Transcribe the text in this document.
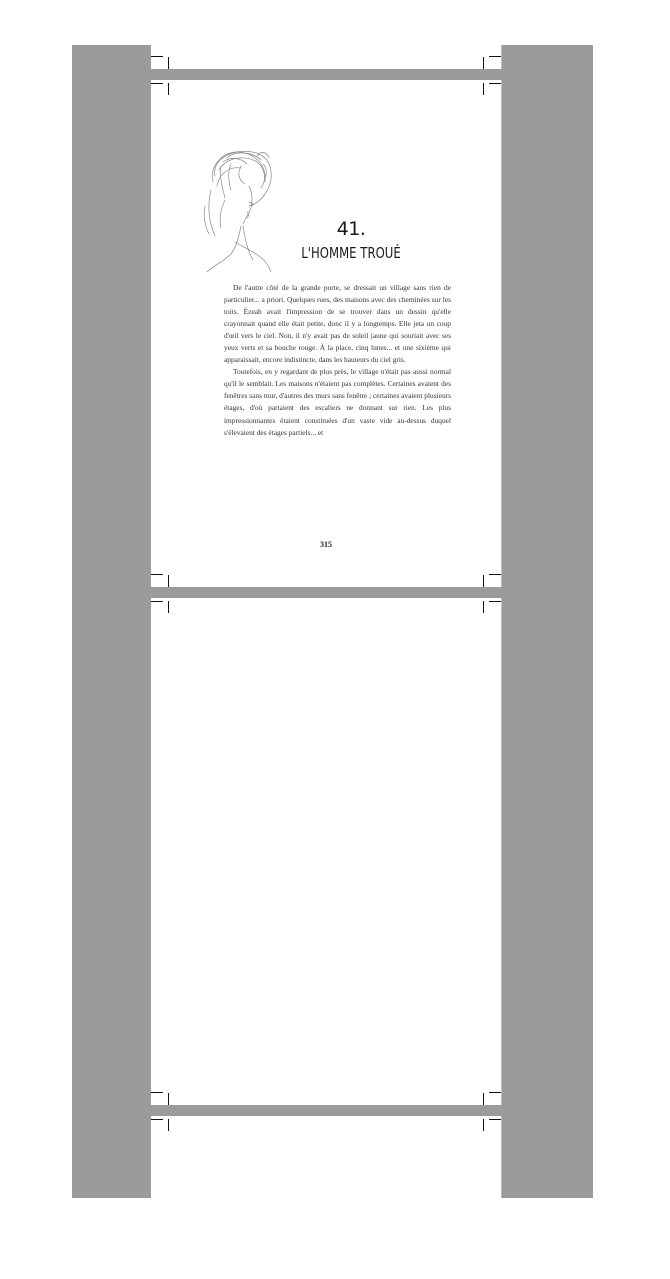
41.
L'HOMME TROUÉ

De l'autre côté de la grande porte, se dressait un village sans rien de particulier... a priori. Quelques rues, des maisons avec des cheminées sur les toits. Ézeah avait l'impression de se trouver dans un dessin qu'elle crayonnait quand elle était petite, donc il y a longtemps. Elle jeta un coup d'œil vers le ciel. Non, il n'y avait pas de soleil jaune qui souriait avec ses yeux verts et sa bouche rouge. À la place, cinq lunes... et une sixième qui apparaissait, encore indistincte, dans les hauteurs du ciel gris.

Toutefois, en y regardant de plus près, le village n'était pas aussi normal qu'il le semblait. Les maisons n'étaient pas complètes. Certaines avaient des fenêtres sans mur, d'autres des murs sans fenêtre ; certaines avaient plusieurs étages, d'où partaient des escaliers ne donnant sur rien. Les plus impressionnantes étaient constituées d'un vaste vide au-dessus duquel s'élevaient des étages partiels... et

315
